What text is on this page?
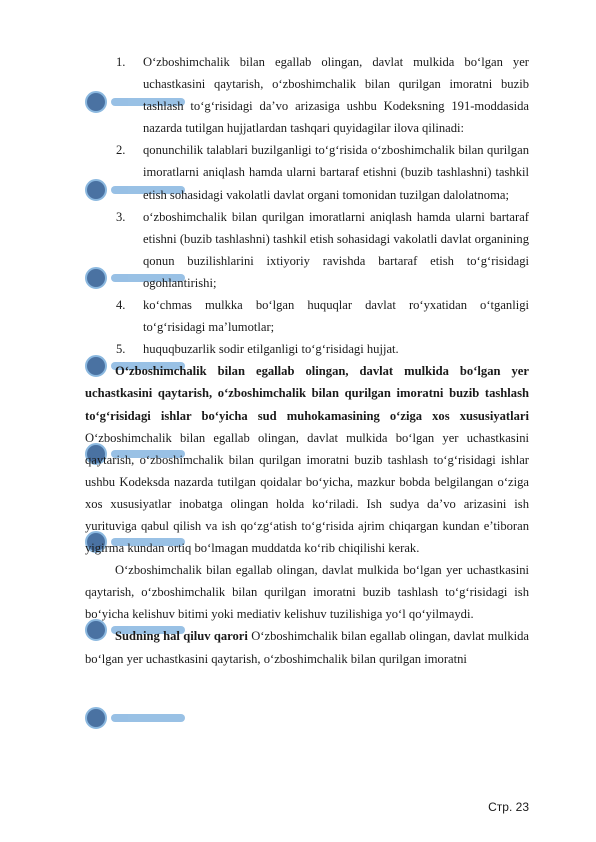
1. O‘zboshimchalik bilan egallab olingan, davlat mulkida bo‘lgan yer uchastkasini qaytarish, o‘zboshimchalik bilan qurilgan imoratni buzib tashlash to‘g‘risidagi da’vo arizasiga ushbu Kodeksning 191-moddasida nazarda tutilgan hujjatlardan tashqari quyidagilar ilova qilinadi:
2. qonunchilik talablari buzilganligi to‘g‘risida o‘zboshimchalik bilan qurilgan imoratlarni aniqlash hamda ularni bartaraf etishni (buzib tashlashni) tashkil etish sohasidagi vakolatli davlat organi tomonidan tuzilgan dalolatnoma;
3. o‘zboshimchalik bilan qurilgan imoratlarni aniqlash hamda ularni bartaraf etishni (buzib tashlashni) tashkil etish sohasidagi vakolatli davlat organining qonun buzilishlarini ixtiyoriy ravishda bartaraf etish to‘g‘risidagi ogohlantirishi;
4. ko‘chmas mulkka bo‘lgan huquqlar davlat ro‘yxatidan o‘tganligi to‘g‘risidagi ma’lumotlar;
5. huquqbuzarlik sodir etilganligi to‘g‘risidagi hujjat.
O‘zboshimchalik bilan egallab olingan, davlat mulkida bo‘lgan yer uchastkasini qaytarish, o‘zboshimchalik bilan qurilgan imoratni buzib tashlash to‘g‘risidagi ishlar bo‘yicha sud muhokamasining o‘ziga xos xususiyatlari O‘zboshimchalik bilan egallab olingan, davlat mulkida bo‘lgan yer uchastkasini qaytarish, o‘zboshimchalik bilan qurilgan imoratni buzib tashlash to‘g‘risidagi ishlar ushbu Kodeksda nazarda tutilgan qoidalar bo‘yicha, mazkur bobda belgilangan o‘ziga xos xususiyatlar inobatga olingan holda ko‘riladi. Ish sudya da’vo arizasini ish yurituviga qabul qilish va ish qo‘zg‘atish to‘g‘risida ajrim chiqargan kundan e’tiboran yigirma kundan ortiq bo‘lmagan muddatda ko‘rib chiqilishi kerak.
O‘zboshimchalik bilan egallab olingan, davlat mulkida bo‘lgan yer uchastkasini qaytarish, o‘zboshimchalik bilan qurilgan imoratni buzib tashlash to‘g‘risidagi ish bo‘yicha kelishuv bitimi yoki mediativ kelishuv tuzilishiga yo‘l qo‘yilmaydi.
Sudning hal qiluv qarori O‘zboshimchalik bilan egallab olingan, davlat mulkida bo‘lgan yer uchastkasini qaytarish, o‘zboshimchalik bilan qurilgan imoratni
Стр. 23
